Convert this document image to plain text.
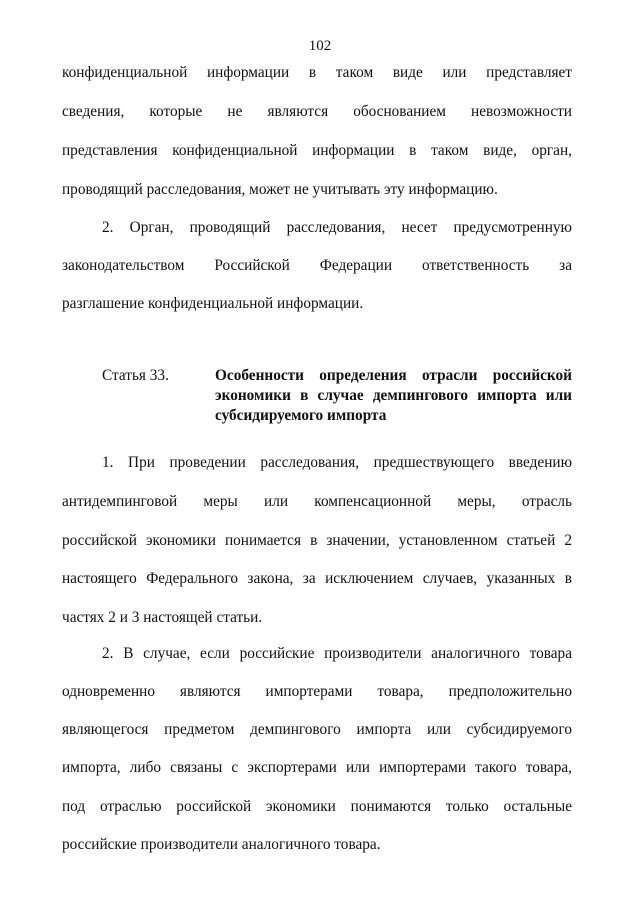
102
конфиденциальной информации в таком виде или представляет
сведения, которые не являются обоснованием невозможности
представления конфиденциальной информации в таком виде, орган,
проводящий расследования, может не учитывать эту информацию.
2. Орган, проводящий расследования, несет предусмотренную
законодательством Российской Федерации ответственность за
разглашение конфиденциальной информации.
Статья 33.	Особенности определения отрасли российской
экономики в случае демпингового импорта или
субсидируемого импорта
1. При проведении расследования, предшествующего введению
антидемпинговой меры или компенсационной меры, отрасль
российской экономики понимается в значении, установленном статьей 2
настоящего Федерального закона, за исключением случаев, указанных в
частях 2 и 3 настоящей статьи.
2. В случае, если российские производители аналогичного товара
одновременно являются импортерами товара, предположительно
являющегося предметом демпингового импорта или субсидируемого
импорта, либо связаны с экспортерами или импортерами такого товара,
под отраслью российской экономики понимаются только остальные
российские производители аналогичного товара.
